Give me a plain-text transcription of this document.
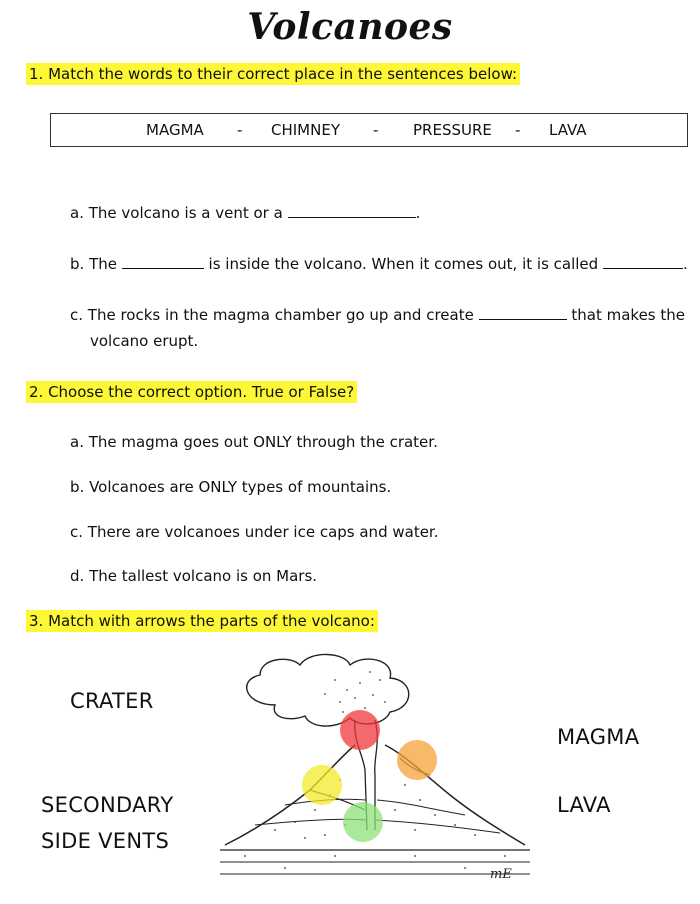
Volcanoes
1. Match the words to their correct place in the sentences below:
MAGMA - CHIMNEY - PRESSURE - LAVA
a. The volcano is a vent or a	.
b. The	is inside the volcano. When it comes out, it is called	.
c. The rocks in the magma chamber go up and create	that makes the
volcano erupt.
2. Choose the correct option. True or False?
a. The magma goes out ONLY through the crater.
b. Volcanoes are ONLY types of mountains.
c. There are volcanoes under ice caps and water.
d. The tallest volcano is on Mars.
3. Match with arrows the parts of the volcano:
CRATER
SECONDARY
SIDE VENTS
MAGMA
LAVA
mE
